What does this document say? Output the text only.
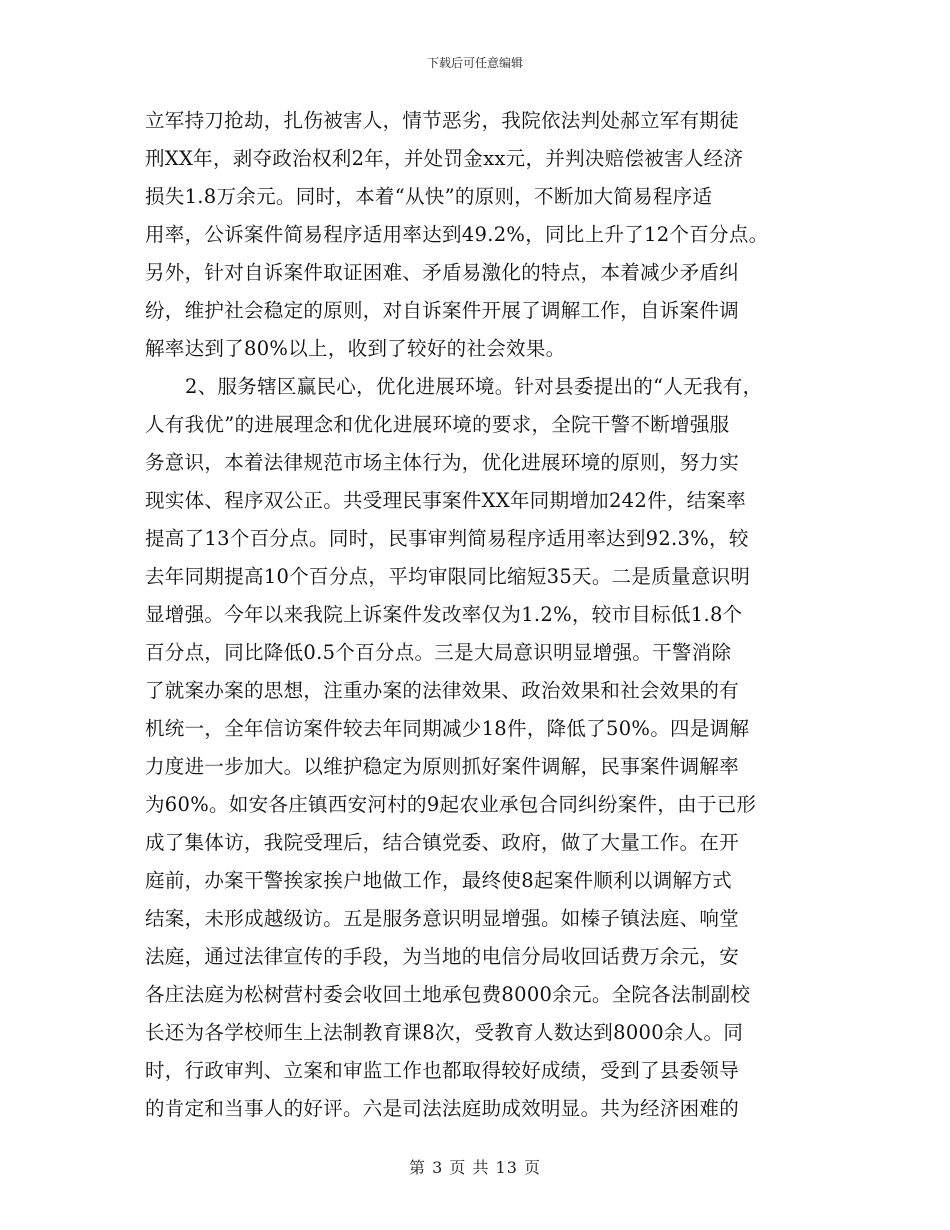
下载后可任意编辑
立军持刀抢劫，扎伤被害人，情节恶劣，我院依法判处郝立军有期徒
刑XX年，剥夺政治权利2年，并处罚金xx元，并判决赔偿被害人经济
损失1.8万余元。同时，本着“从快”的原则，不断加大简易程序适
用率，公诉案件简易程序适用率达到49.2%，同比上升了12个百分点。
另外，针对自诉案件取证困难、矛盾易激化的特点，本着减少矛盾纠
纷，维护社会稳定的原则，对自诉案件开展了调解工作，自诉案件调
解率达到了80%以上，收到了较好的社会效果。
2、服务辖区赢民心，优化进展环境。针对县委提出的“人无我有，
人有我优”的进展理念和优化进展环境的要求，全院干警不断增强服
务意识，本着法律规范市场主体行为，优化进展环境的原则，努力实
现实体、程序双公正。共受理民事案件XX年同期增加242件，结案率
提高了13个百分点。同时，民事审判简易程序适用率达到92.3%，较
去年同期提高10个百分点，平均审限同比缩短35天。二是质量意识明
显增强。今年以来我院上诉案件发改率仅为1.2%，较市目标低1.8个
百分点，同比降低0.5个百分点。三是大局意识明显增强。干警消除
了就案办案的思想，注重办案的法律效果、政治效果和社会效果的有
机统一，全年信访案件较去年同期减少18件，降低了50%。四是调解
力度进一步加大。以维护稳定为原则抓好案件调解，民事案件调解率
为60%。如安各庄镇西安河村的9起农业承包合同纠纷案件，由于已形
成了集体访，我院受理后，结合镇党委、政府，做了大量工作。在开
庭前，办案干警挨家挨户地做工作，最终使8起案件顺利以调解方式
结案，未形成越级访。五是服务意识明显增强。如榛子镇法庭、响堂
法庭，通过法律宣传的手段，为当地的电信分局收回话费万余元，安
各庄法庭为松树营村委会收回土地承包费8000余元。全院各法制副校
长还为各学校师生上法制教育课8次，受教育人数达到8000余人。同
时，行政审判、立案和审监工作也都取得较好成绩，受到了县委领导
的肯定和当事人的好评。六是司法法庭助成效明显。共为经济困难的
第 3 页 共 13 页
